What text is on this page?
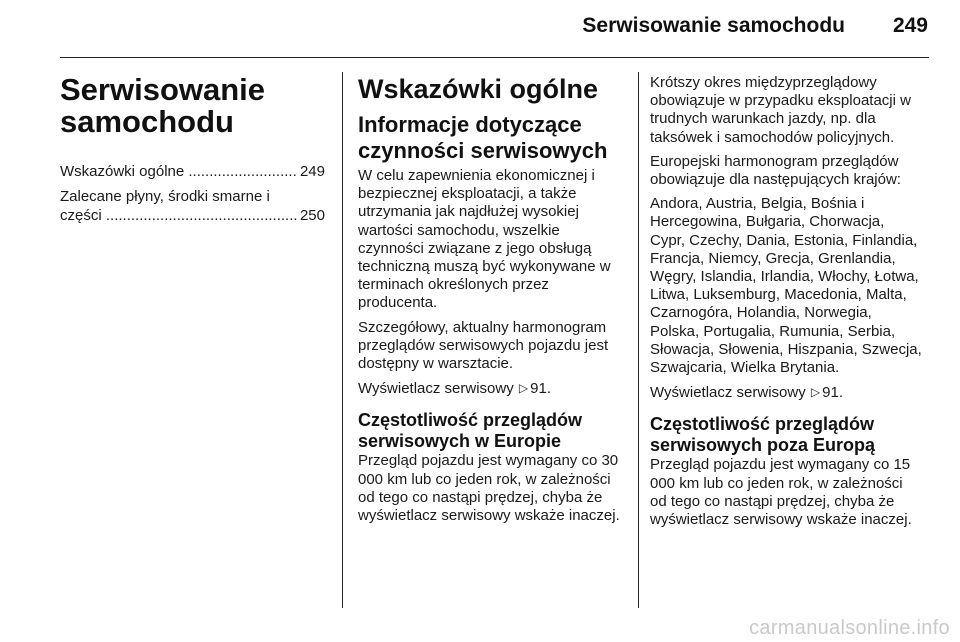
Serwisowanie samochodu	249
Serwisowanie samochodu
Wskazówki ogólne .....	249
Zalecane płyny, środki smarne i
części .....	250
Wskazówki ogólne
Informacje dotyczące czynności serwisowych

W celu zapewnienia ekonomicznej i bezpiecznej eksploatacji, a także utrzymania jak najdłużej wysokiej wartości samochodu, wszelkie czynności związane z jego obsługą techniczną muszą być wykonywane w terminach określonych przez producenta.

Szczegółowy, aktualny harmonogram przeglądów serwisowych pojazdu jest dostępny w warsztacie.

Wyświetlacz serwisowy ▷ 91.

Częstotliwość przeglądów serwisowych w Europie

Przegląd pojazdu jest wymagany co 30 000 km lub co jeden rok, w zależności od tego co nastąpi prędzej, chyba że wyświetlacz serwisowy wskaże inaczej.

Krótszy okres międzyprzeglądowy obowiązuje w przypadku eksploatacji w trudnych warunkach jazdy, np. dla taksówek i samochodów policyjnych.

Europejski harmonogram przeglądów obowiązuje dla następujących krajów:

Andora, Austria, Belgia, Bośnia i Hercegowina, Bułgaria, Chorwacja, Cypr, Czechy, Dania, Estonia, Finlandia, Francja, Niemcy, Grecja, Grenlandia, Węgry, Islandia, Irlandia, Włochy, Łotwa, Litwa, Luksemburg, Macedonia, Malta, Czarnogóra, Holandia, Norwegia, Polska, Portugalia, Rumunia, Serbia, Słowacja, Słowenia, Hiszpania, Szwecja, Szwajcaria, Wielka Brytania.

Wyświetlacz serwisowy ▷ 91.

Częstotliwość przeglądów serwisowych poza Europą

Przegląd pojazdu jest wymagany co 15 000 km lub co jeden rok, w zależności od tego co nastąpi prędzej, chyba że wyświetlacz serwisowy wskaże inaczej.

carmanualsonline.info
